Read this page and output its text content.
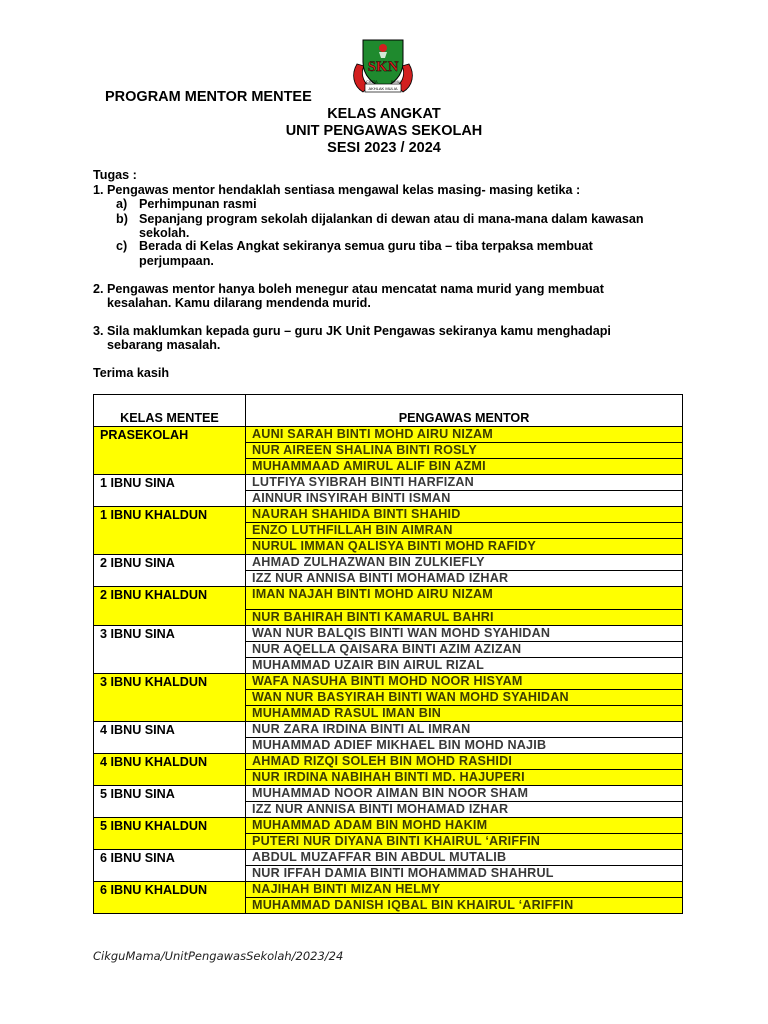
SKN
CINTA	ILMU
AKHLAK MULIA
PROGRAM MENTOR MENTEE
KELAS ANGKAT
UNIT PENGAWAS SEKOLAH
SESI 2023 / 2024
Tugas :
1. Pengawas mentor hendaklah sentiasa mengawal kelas masing- masing ketika :
a) Perhimpunan rasmi
b) Sepanjang program sekolah dijalankan di dewan atau di mana-mana dalam kawasan
sekolah.
c) Berada di Kelas Angkat sekiranya semua guru tiba – tiba terpaksa membuat
perjumpaan.
2. Pengawas mentor hanya boleh menegur atau mencatat nama murid yang membuat
kesalahan. Kamu dilarang mendenda murid.
3. Sila maklumkan kepada guru – guru JK Unit Pengawas sekiranya kamu menghadapi
sebarang masalah.
Terima kasih
KELAS MENTEE	PENGAWAS MENTOR
PRASEKOLAH	AUNI SARAH BINTI MOHD AIRU NIZAM
	NUR AIREEN SHALINA BINTI ROSLY
	MUHAMMAAD AMIRUL ALIF BIN AZMI
1 IBNU SINA	LUTFIYA SYIBRAH BINTI HARFIZAN
	AINNUR INSYIRAH BINTI ISMAN
1 IBNU KHALDUN	NAURAH SHAHIDA BINTI SHAHID
	ENZO LUTHFILLAH BIN AIMRAN
	NURUL IMMAN QALISYA BINTI MOHD RAFIDY
2 IBNU SINA	AHMAD ZULHAZWAN BIN ZULKIEFLY
	IZZ NUR ANNISA BINTI MOHAMAD IZHAR
2 IBNU KHALDUN	IMAN NAJAH BINTI MOHD AIRU NIZAM
	NUR BAHIRAH BINTI KAMARUL BAHRI
3 IBNU SINA	WAN NUR BALQIS BINTI WAN MOHD SYAHIDAN
	NUR AQELLA QAISARA BINTI AZIM AZIZAN
	MUHAMMAD UZAIR BIN AIRUL RIZAL
3 IBNU KHALDUN	WAFA NASUHA BINTI MOHD NOOR HISYAM
	WAN NUR BASYIRAH BINTI WAN MOHD SYAHIDAN
	MUHAMMAD RASUL IMAN BIN
4 IBNU SINA	NUR ZARA IRDINA BINTI AL IMRAN
	MUHAMMAD ADIEF MIKHAEL BIN MOHD NAJIB
4 IBNU KHALDUN	AHMAD RIZQI SOLEH BIN MOHD RASHIDI
	NUR IRDINA NABIHAH BINTI MD. HAJUPERI
5 IBNU SINA	MUHAMMAD NOOR AIMAN BIN NOOR SHAM
	IZZ NUR ANNISA BINTI MOHAMAD IZHAR
5 IBNU KHALDUN	MUHAMMAD ADAM BIN MOHD HAKIM
	PUTERI NUR DIYANA BINTI KHAIRUL ‘ARIFFIN
6 IBNU SINA	ABDUL MUZAFFAR BIN ABDUL MUTALIB
	NUR IFFAH DAMIA BINTI MOHAMMAD SHAHRUL
6 IBNU KHALDUN	NAJIHAH BINTI MIZAN HELMY
	MUHAMMAD DANISH IQBAL BIN KHAIRUL ‘ARIFFIN
CikguMama/UnitPengawasSekolah/2023/24
